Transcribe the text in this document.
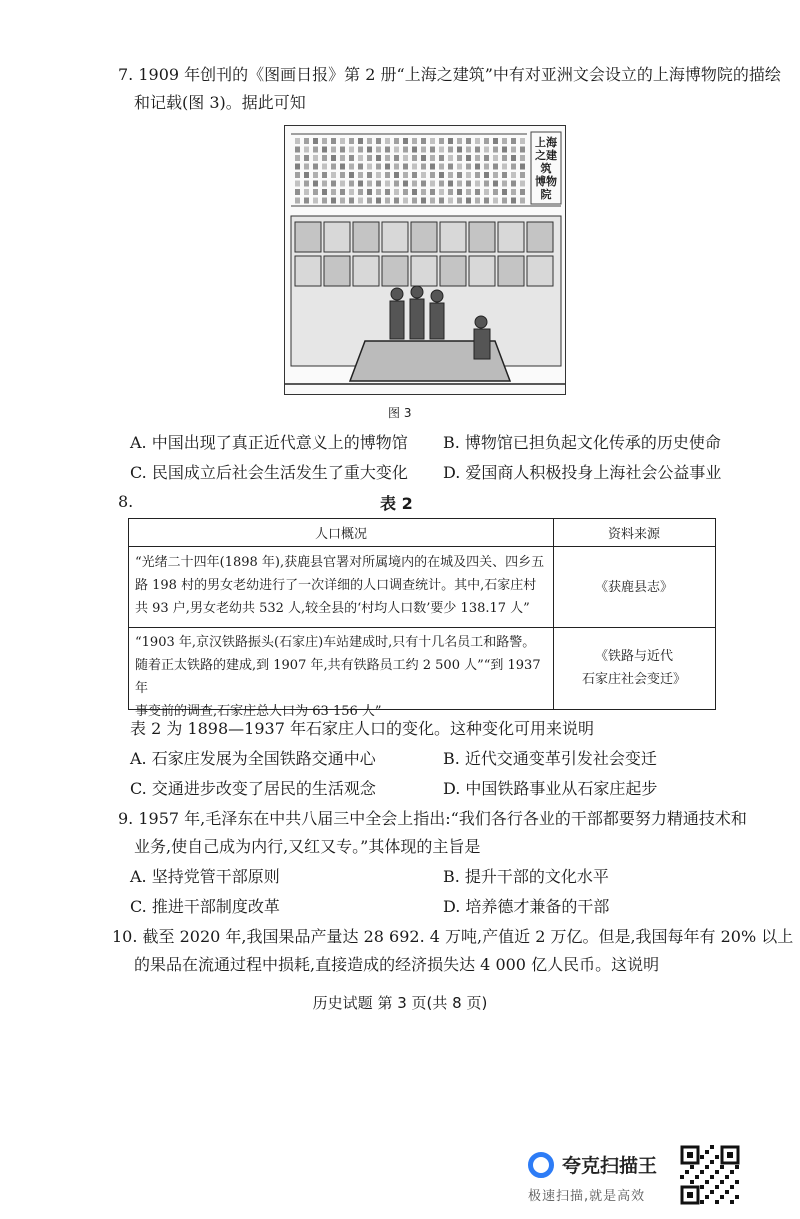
7. 1909 年创刊的《图画日报》第 2 册“上海之建筑”中有对亚洲文会设立的上海博物院的描绘
和记载(图 3)。据此可知
上海之建筑 博物院
图 3
A. 中国出现了真正近代意义上的博物馆 B. 博物馆已担负起文化传承的历史使命
C. 民国成立后社会生活发生了重大变化 D. 爱国商人积极投身上海社会公益事业
8.	表 2
人口概况	资料来源
“光绪二十四年(1898 年),获鹿县官署对所属境内的在城及四关、四乡五
路 198 村的男女老幼进行了一次详细的人口调查统计。其中,石家庄村
共 93 户,男女老幼共 532 人,较全县的‘村均人口数’要少 138.17 人”
《获鹿县志》
“1903 年,京汉铁路振头(石家庄)车站建成时,只有十几名员工和路警。
随着正太铁路的建成,到 1907 年,共有铁路员工约 2 500 人”“到 1937 年
事变前的调查,石家庄总人口为 63 156 人”
《铁路与近代
石家庄社会变迁》
表 2 为 1898—1937 年石家庄人口的变化。这种变化可用来说明
A. 石家庄发展为全国铁路交通中心	B. 近代交通变革引发社会变迁
C. 交通进步改变了居民的生活观念	D. 中国铁路事业从石家庄起步
9. 1957 年,毛泽东在中共八届三中全会上指出:“我们各行各业的干部都要努力精通技术和
业务,使自己成为内行,又红又专。”其体现的主旨是
A. 坚持党管干部原则	B. 提升干部的文化水平
C. 推进干部制度改革	D. 培养德才兼备的干部
10. 截至 2020 年,我国果品产量达 28 692. 4 万吨,产值近 2 万亿。但是,我国每年有 20% 以上
的果品在流通过程中损耗,直接造成的经济损失达 4 000 亿人民币。这说明
历史试题 第 3 页(共 8 页)
夸克扫描王
极速扫描,就是高效
